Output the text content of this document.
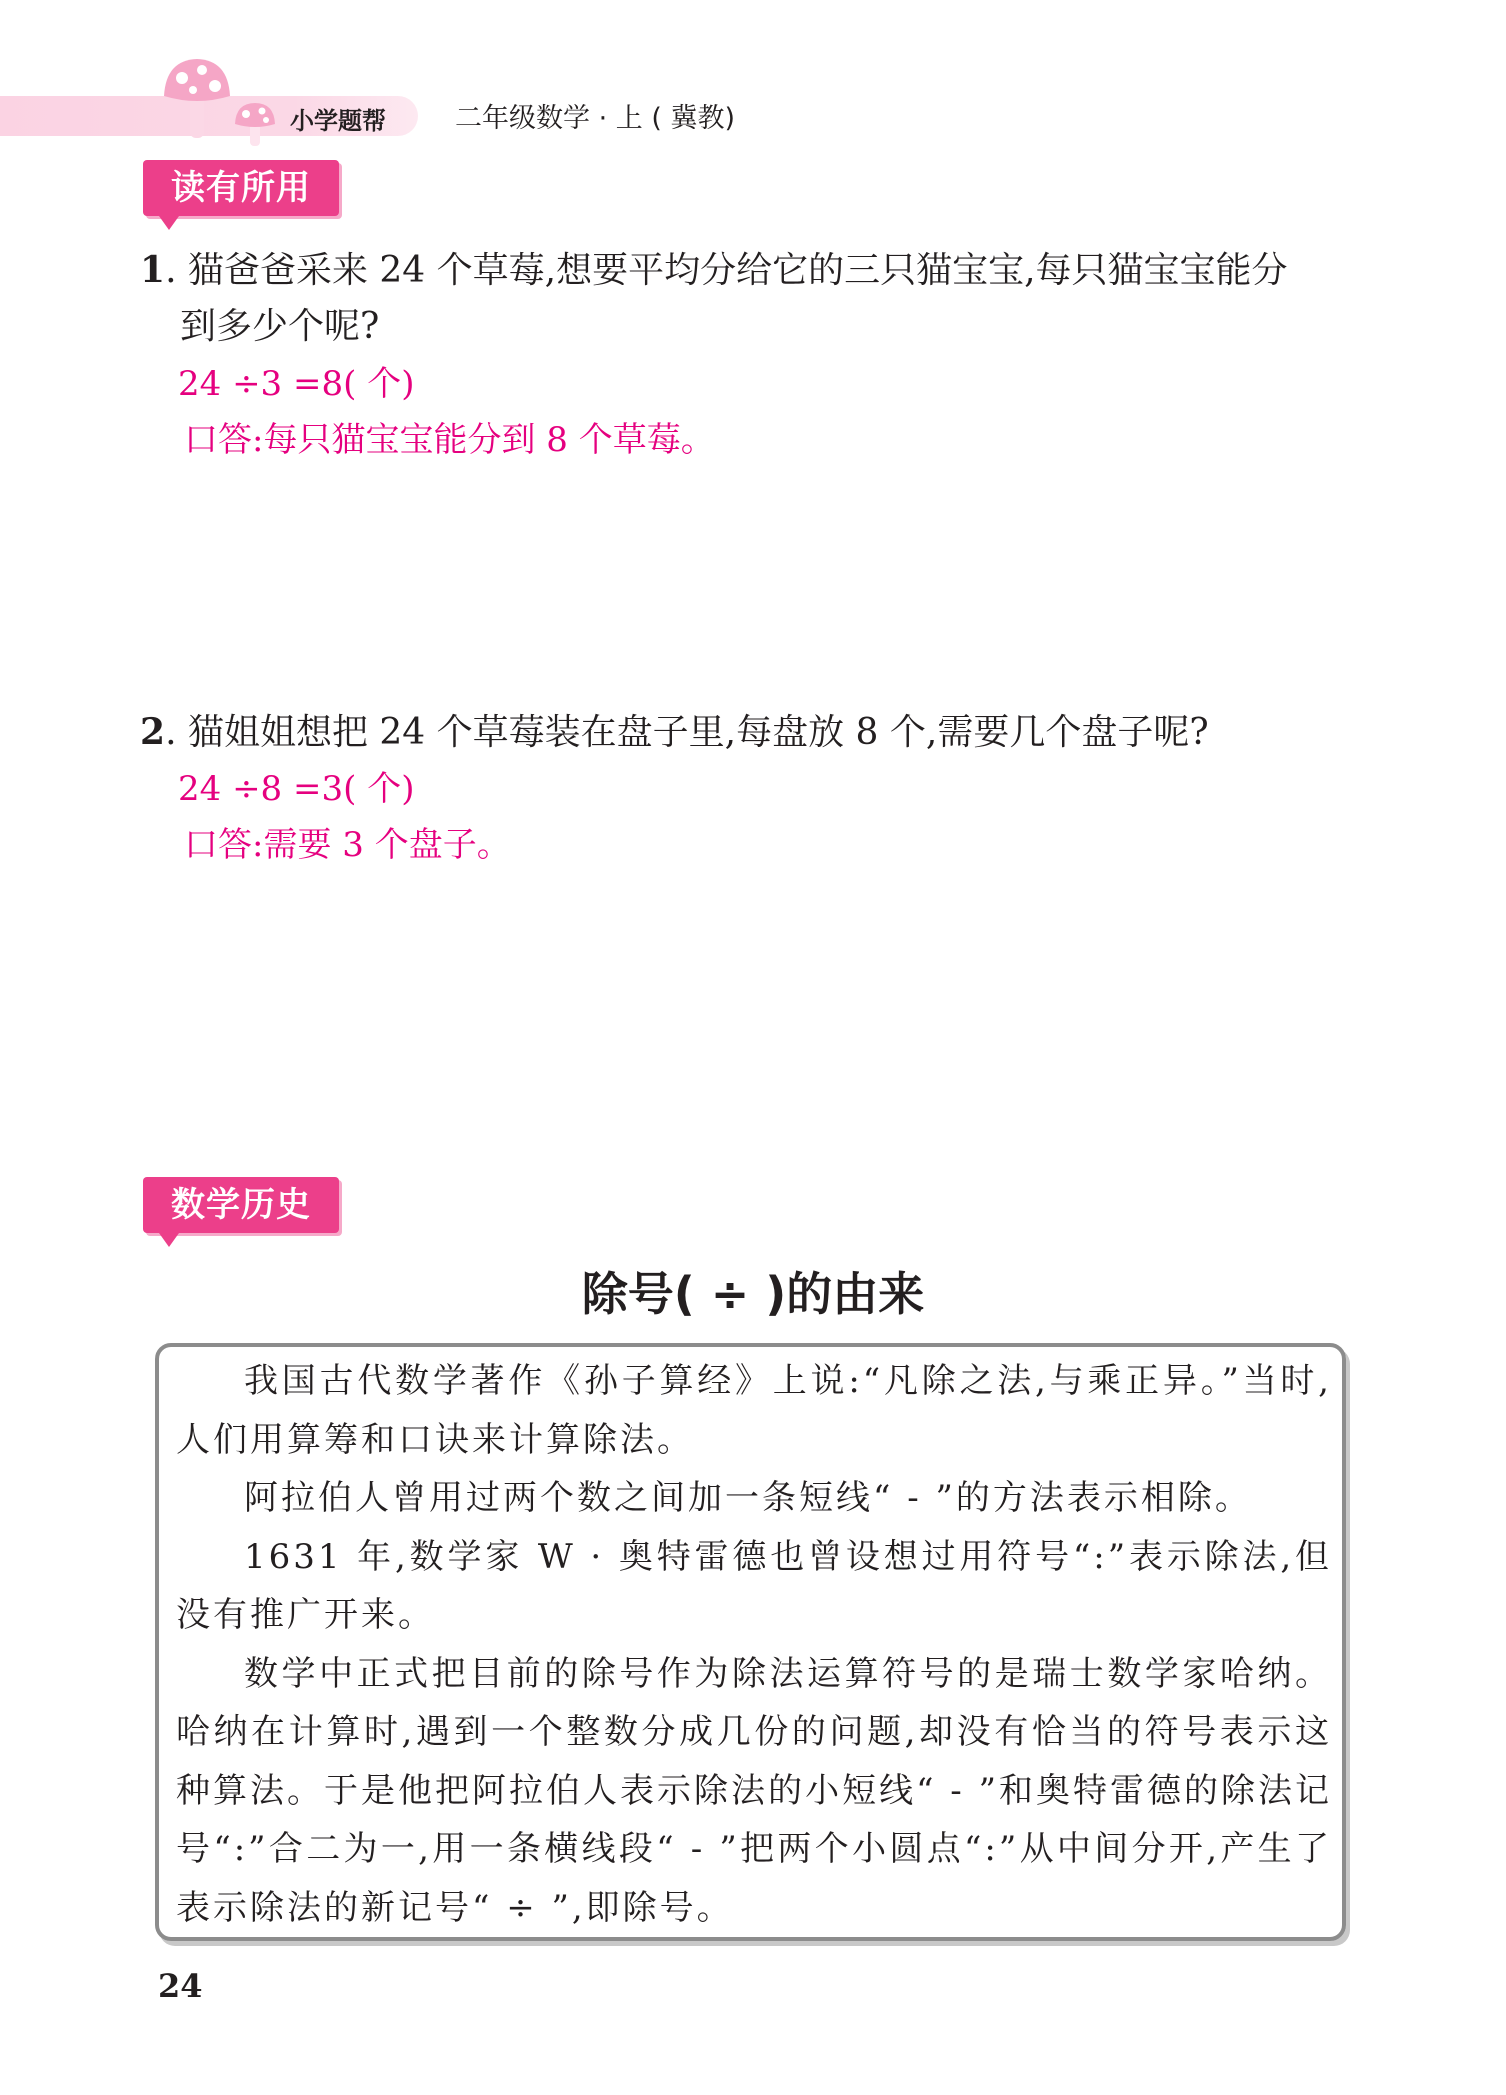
小学题帮	二年级数学 · 上 ( 冀教)
读有所用
1. 猫爸爸采来 24 个草莓,想要平均分给它的三只猫宝宝,每只猫宝宝能分
到多少个呢?
24 ÷3 =8( 个)
口答:每只猫宝宝能分到 8 个草莓。
2. 猫姐姐想把 24 个草莓装在盘子里,每盘放 8 个,需要几个盘子呢?
24 ÷8 =3( 个)
口答:需要 3 个盘子。
数学历史
除号( ÷ )的由来

我国古代数学著作《孙子算经》上说:“凡除之法,与乘正异。”当时,人们用算筹和口诀来计算除法。

阿拉伯人曾用过两个数之间加一条短线“ - ”的方法表示相除。

1631 年,数学家 W · 奥特雷德也曾设想过用符号“:”表示除法,但没有推广开来。

数学中正式把目前的除号作为除法运算符号的是瑞士数学家哈纳。哈纳在计算时,遇到一个整数分成几份的问题,却没有恰当的符号表示这种算法。于是他把阿拉伯人表示除法的小短线“ - ”和奥特雷德的除法记号“:”合二为一,用一条横线段“ - ”把两个小圆点“:”从中间分开,产生了表示除法的新记号“ ÷ ”,即除号。

24
